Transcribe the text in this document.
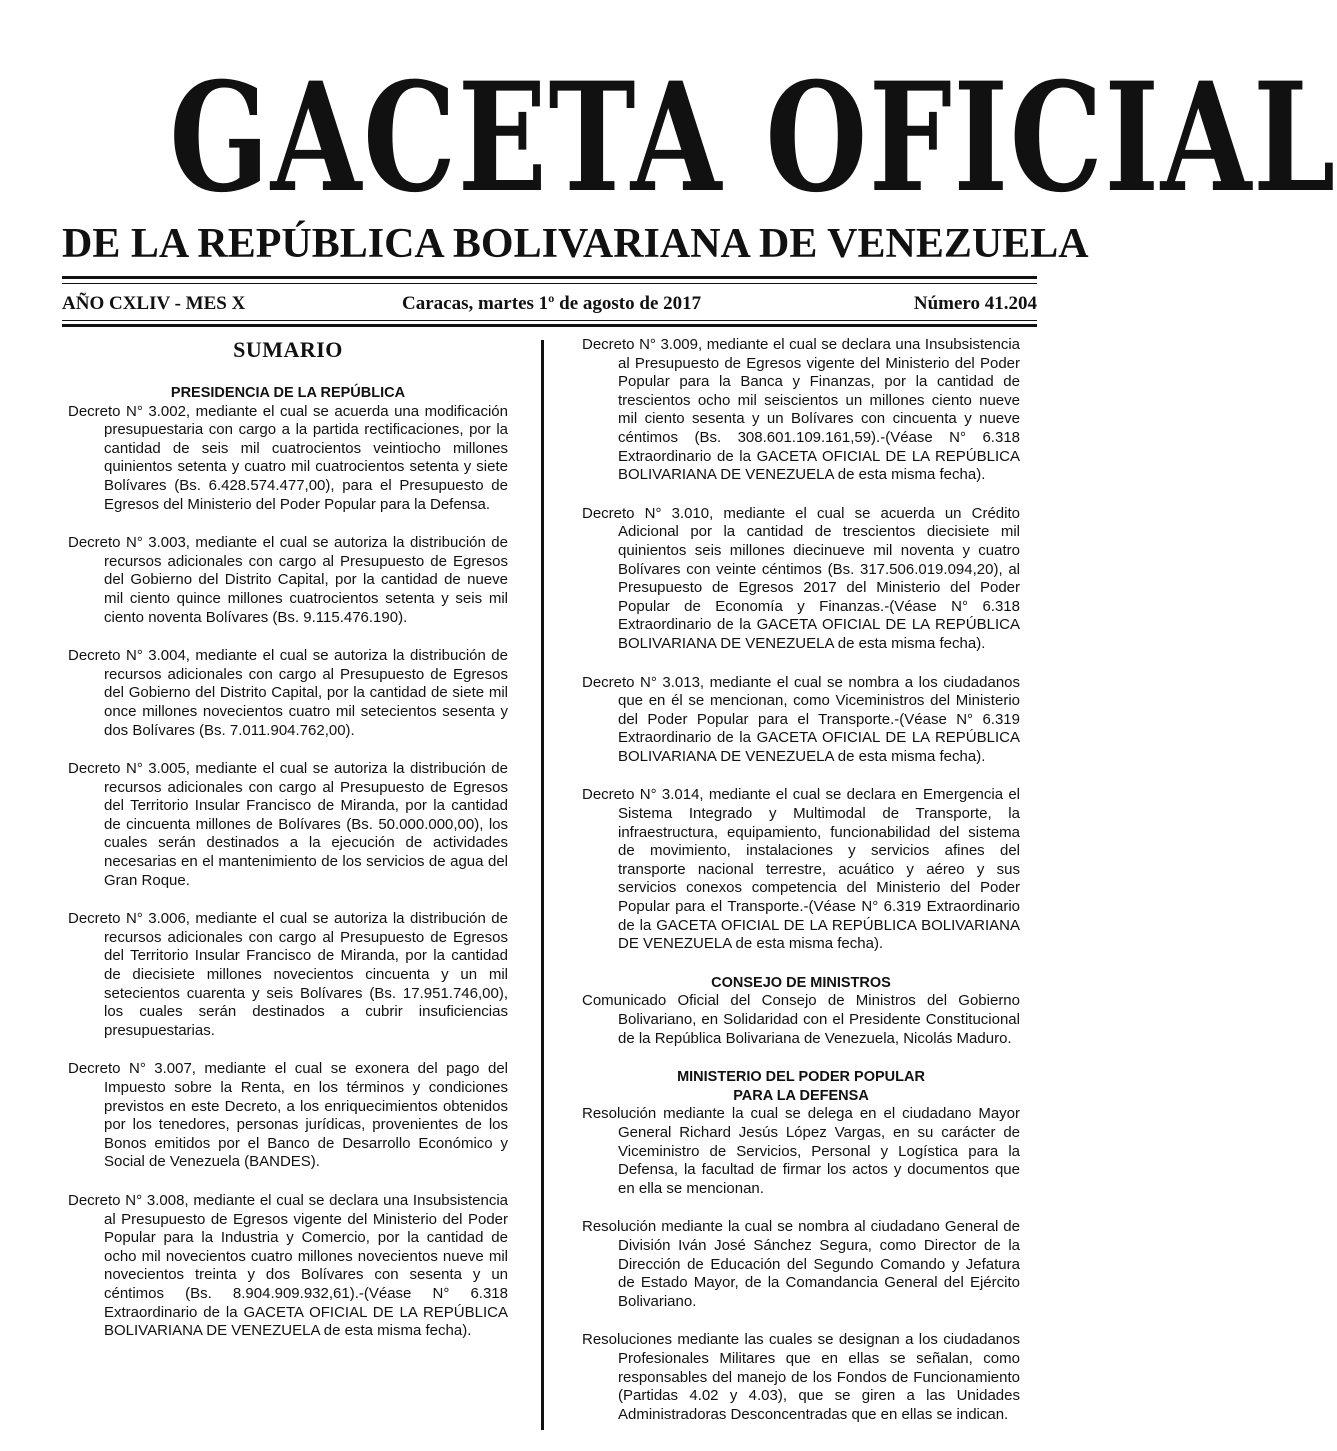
GACETA OFICIAL
DE LA REPÚBLICA BOLIVARIANA DE VENEZUELA
AÑO CXLIV - MES X	Caracas, martes 1º de agosto de 2017	Número 41.204
SUMARIO
PRESIDENCIA DE LA REPÚBLICA

Decreto N° 3.002, mediante el cual se acuerda una modificación presupuestaria con cargo a la partida rectificaciones, por la cantidad de seis mil cuatrocientos veintiocho millones quinientos setenta y cuatro mil cuatrocientos setenta y siete Bolívares (Bs. 6.428.574.477,00), para el Presupuesto de Egresos del Ministerio del Poder Popular para la Defensa.

Decreto N° 3.003, mediante el cual se autoriza la distribución de recursos adicionales con cargo al Presupuesto de Egresos del Gobierno del Distrito Capital, por la cantidad de nueve mil ciento quince millones cuatrocientos setenta y seis mil ciento noventa Bolívares (Bs. 9.115.476.190).

Decreto N° 3.004, mediante el cual se autoriza la distribución de recursos adicionales con cargo al Presupuesto de Egresos del Gobierno del Distrito Capital, por la cantidad de siete mil once millones novecientos cuatro mil setecientos sesenta y dos Bolívares (Bs. 7.011.904.762,00).

Decreto N° 3.005, mediante el cual se autoriza la distribución de recursos adicionales con cargo al Presupuesto de Egresos del Territorio Insular Francisco de Miranda, por la cantidad de cincuenta millones de Bolívares (Bs. 50.000.000,00), los cuales serán destinados a la ejecución de actividades necesarias en el mantenimiento de los servicios de agua del Gran Roque.

Decreto N° 3.006, mediante el cual se autoriza la distribución de recursos adicionales con cargo al Presupuesto de Egresos del Territorio Insular Francisco de Miranda, por la cantidad de diecisiete millones novecientos cincuenta y un mil setecientos cuarenta y seis Bolívares (Bs. 17.951.746,00), los cuales serán destinados a cubrir insuficiencias presupuestarias.

Decreto N° 3.007, mediante el cual se exonera del pago del Impuesto sobre la Renta, en los términos y condiciones previstos en este Decreto, a los enriquecimientos obtenidos por los tenedores, personas jurídicas, provenientes de los Bonos emitidos por el Banco de Desarrollo Económico y Social de Venezuela (BANDES).

Decreto N° 3.008, mediante el cual se declara una Insubsistencia al Presupuesto de Egresos vigente del Ministerio del Poder Popular para la Industria y Comercio, por la cantidad de ocho mil novecientos cuatro millones novecientos nueve mil novecientos treinta y dos Bolívares con sesenta y un céntimos (Bs. 8.904.909.932,61).-(Véase N° 6.318 Extraordinario de la GACETA OFICIAL DE LA REPÚBLICA BOLIVARIANA DE VENEZUELA de esta misma fecha).

Decreto N° 3.009, mediante el cual se declara una Insubsistencia al Presupuesto de Egresos vigente del Ministerio del Poder Popular para la Banca y Finanzas, por la cantidad de trescientos ocho mil seiscientos un millones ciento nueve mil ciento sesenta y un Bolívares con cincuenta y nueve céntimos (Bs. 308.601.109.161,59).-(Véase N° 6.318 Extraordinario de la GACETA OFICIAL DE LA REPÚBLICA BOLIVARIANA DE VENEZUELA de esta misma fecha).

Decreto N° 3.010, mediante el cual se acuerda un Crédito Adicional por la cantidad de trescientos diecisiete mil quinientos seis millones diecinueve mil noventa y cuatro Bolívares con veinte céntimos (Bs. 317.506.019.094,20), al Presupuesto de Egresos 2017 del Ministerio del Poder Popular de Economía y Finanzas.-(Véase N° 6.318 Extraordinario de la GACETA OFICIAL DE LA REPÚBLICA BOLIVARIANA DE VENEZUELA de esta misma fecha).

Decreto N° 3.013, mediante el cual se nombra a los ciudadanos que en él se mencionan, como Viceministros del Ministerio del Poder Popular para el Transporte.-(Véase N° 6.319 Extraordinario de la GACETA OFICIAL DE LA REPÚBLICA BOLIVARIANA DE VENEZUELA de esta misma fecha).

Decreto N° 3.014, mediante el cual se declara en Emergencia el Sistema Integrado y Multimodal de Transporte, la infraestructura, equipamiento, funcionabilidad del sistema de movimiento, instalaciones y servicios afines del transporte nacional terrestre, acuático y aéreo y sus servicios conexos competencia del Ministerio del Poder Popular para el Transporte.-(Véase N° 6.319 Extraordinario de la GACETA OFICIAL DE LA REPÚBLICA BOLIVARIANA DE VENEZUELA de esta misma fecha).

CONSEJO DE MINISTROS

Comunicado Oficial del Consejo de Ministros del Gobierno Bolivariano, en Solidaridad con el Presidente Constitucional de la República Bolivariana de Venezuela, Nicolás Maduro.

MINISTERIO DEL PODER POPULAR
PARA LA DEFENSA

Resolución mediante la cual se delega en el ciudadano Mayor General Richard Jesús López Vargas, en su carácter de Viceministro de Servicios, Personal y Logística para la Defensa, la facultad de firmar los actos y documentos que en ella se mencionan.

Resolución mediante la cual se nombra al ciudadano General de División Iván José Sánchez Segura, como Director de la Dirección de Educación del Segundo Comando y Jefatura de Estado Mayor, de la Comandancia General del Ejército Bolivariano.

Resoluciones mediante las cuales se designan a los ciudadanos Profesionales Militares que en ellas se señalan, como responsables del manejo de los Fondos de Funcionamiento (Partidas 4.02 y 4.03), que se giren a las Unidades Administradoras Desconcentradas que en ellas se indican.
